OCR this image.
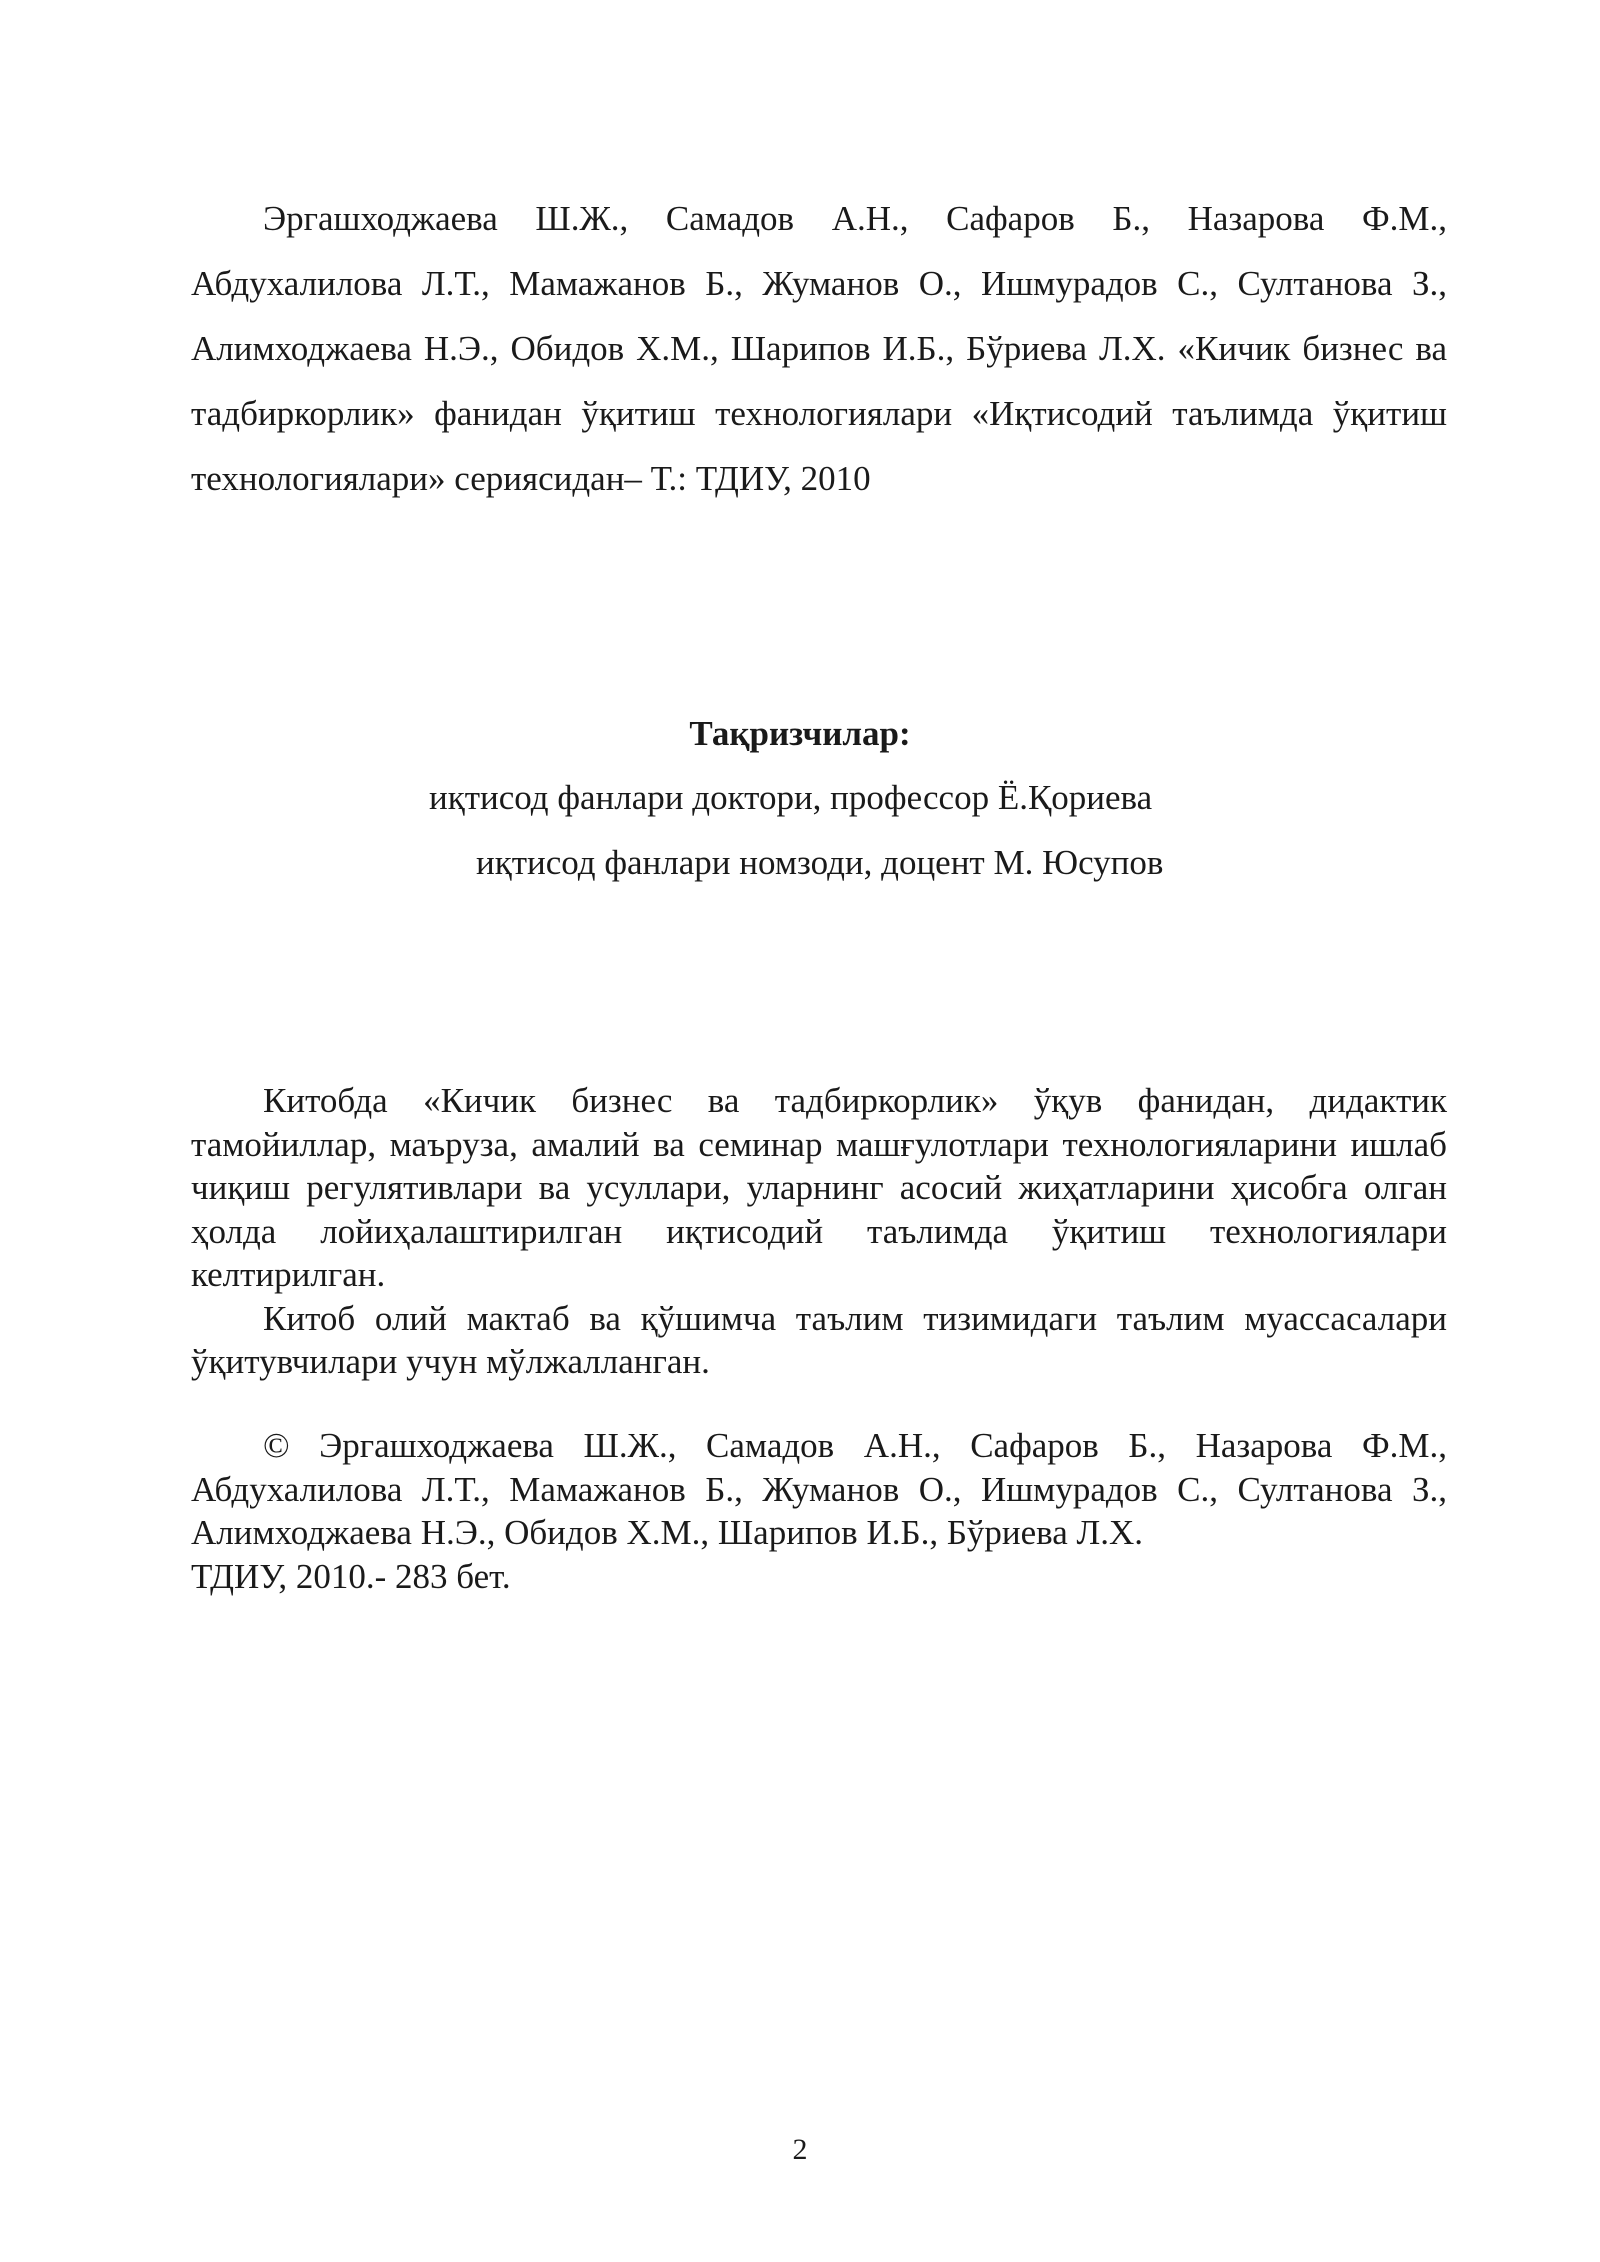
Эргашходжаева Ш.Ж., Самадов А.Н., Сафаров Б., Назарова Ф.М., Абдухалилова Л.Т., Мамажанов Б., Жуманов О., Ишмурадов С., Султанова З., Алимходжаева Н.Э., Обидов Х.М., Шарипов И.Б., Бўриева Л.Х. «Кичик бизнес ва тадбиркорлик» фанидан ўқитиш технологиялари «Иқтисодий таълимда ўқитиш технологиялари» сериясидан– Т.: ТДИУ, 2010

Тақризчилар:

иқтисод фанлари доктори, профессор Ё.Қориева

иқтисод фанлари номзоди, доцент М. Юсупов

Китобда «Кичик бизнес ва тадбиркорлик» ўқув фанидан, дидактик тамойиллар, маъруза, амалий ва семинар машғулотлари технологияларини ишлаб чиқиш регулятивлари ва усуллари, уларнинг асосий жиҳатларини ҳисобга олган ҳолда лойиҳалаштирилган иқтисодий таълимда ўқитиш технологиялари келтирилган.

Китоб олий мактаб ва қўшимча таълим тизимидаги таълим муассасалари ўқитувчилари учун мўлжалланган.

© Эргашходжаева Ш.Ж., Самадов А.Н., Сафаров Б., Назарова Ф.М., Абдухалилова Л.Т., Мамажанов Б., Жуманов О., Ишмурадов С., Султанова З., Алимходжаева Н.Э., Обидов Х.М., Шарипов И.Б., Бўриева Л.Х.

ТДИУ, 2010.- 283 бет.

2
